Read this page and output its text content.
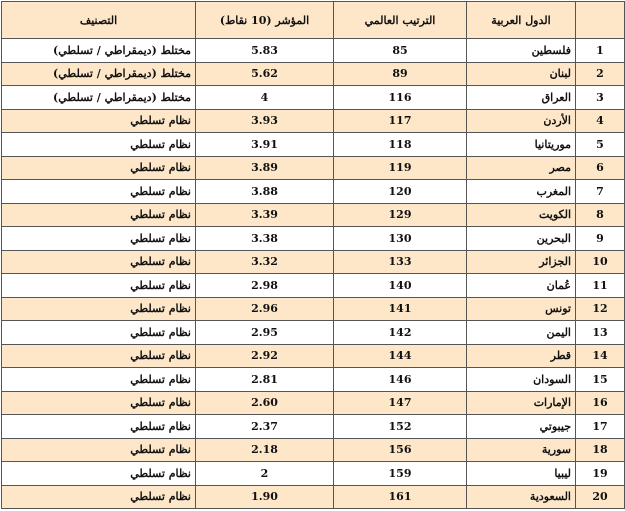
	الدول العربية	الترتيب العالمي	المؤشر (10 نقاط)	التصنيف
1	فلسطين	85	5.83	مختلط (ديمقراطي / تسلطي)
2	لبنان	89	5.62	مختلط (ديمقراطي / تسلطي)
3	العراق	116	4	مختلط (ديمقراطي / تسلطي)
4	الأردن	117	3.93	نظام تسلطي
5	موريتانيا	118	3.91	نظام تسلطي
6	مصر	119	3.89	نظام تسلطي
7	المغرب	120	3.88	نظام تسلطي
8	الكويت	129	3.39	نظام تسلطي
9	البحرين	130	3.38	نظام تسلطي
10	الجزائر	133	3.32	نظام تسلطي
11	عُمان	140	2.98	نظام تسلطي
12	تونس	141	2.96	نظام تسلطي
13	اليمن	142	2.95	نظام تسلطي
14	قطر	144	2.92	نظام تسلطي
15	السودان	146	2.81	نظام تسلطي
16	الإمارات	147	2.60	نظام تسلطي
17	جيبوتي	152	2.37	نظام تسلطي
18	سورية	156	2.18	نظام تسلطي
19	ليبيا	159	2	نظام تسلطي
20	السعودية	161	1.90	نظام تسلطي
